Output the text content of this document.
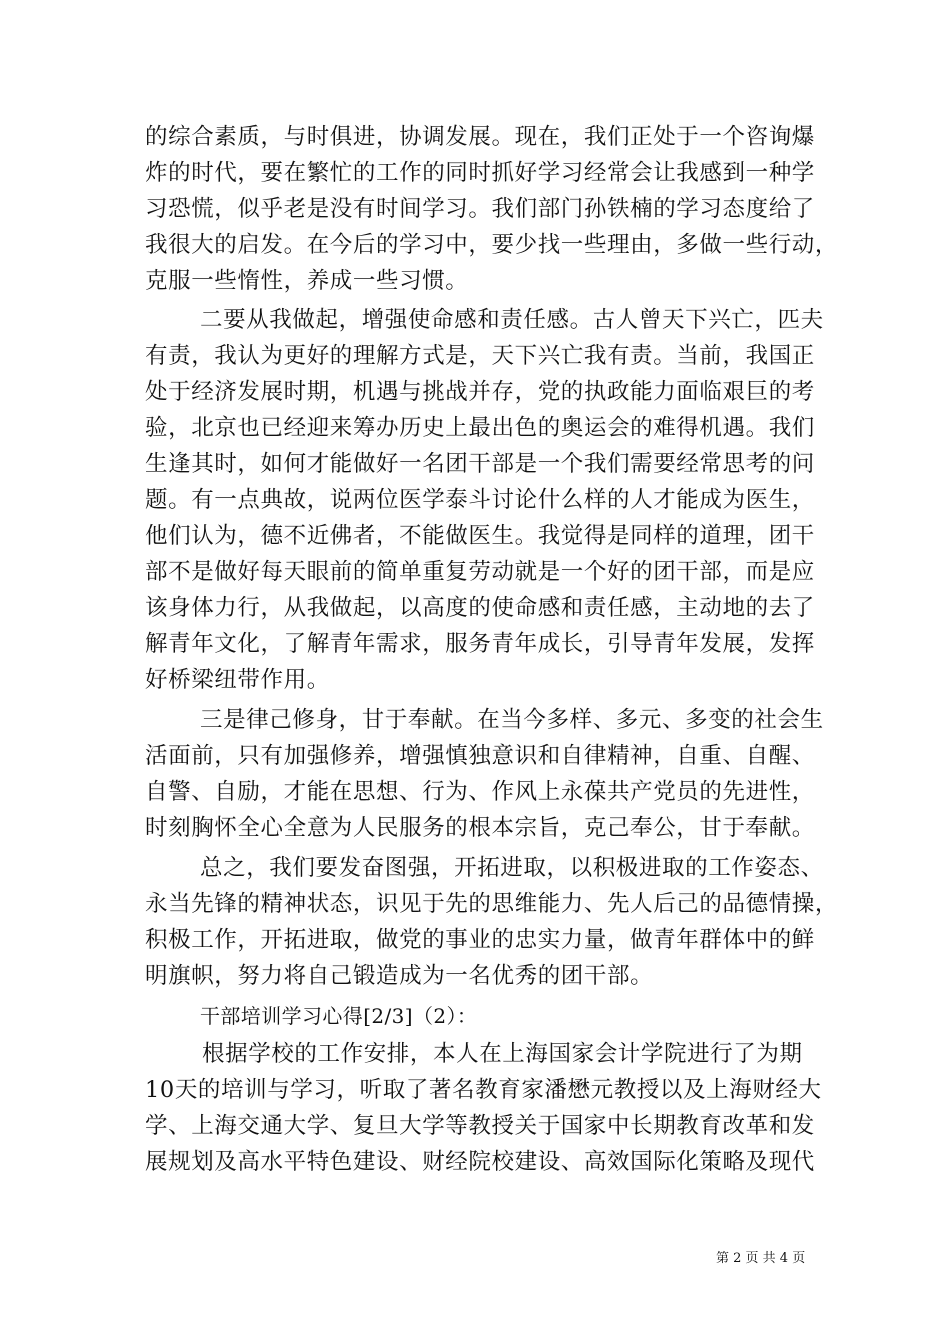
的综合素质，与时俱进，协调发展。现在，我们正处于一个咨询爆
炸的时代，要在繁忙的工作的同时抓好学习经常会让我感到一种学
习恐慌，似乎老是没有时间学习。我们部门孙铁楠的学习态度给了
我很大的启发。在今后的学习中，要少找一些理由，多做一些行动，
克服一些惰性，养成一些习惯。
二要从我做起，增强使命感和责任感。古人曾天下兴亡，匹夫
有责，我认为更好的理解方式是，天下兴亡我有责。当前，我国正
处于经济发展时期，机遇与挑战并存，党的执政能力面临艰巨的考
验，北京也已经迎来筹办历史上最出色的奥运会的难得机遇。我们
生逢其时，如何才能做好一名团干部是一个我们需要经常思考的问
题。有一点典故，说两位医学泰斗讨论什么样的人才能成为医生，
他们认为，德不近佛者，不能做医生。我觉得是同样的道理，团干
部不是做好每天眼前的简单重复劳动就是一个好的团干部，而是应
该身体力行，从我做起，以高度的使命感和责任感，主动地的去了
解青年文化，了解青年需求，服务青年成长，引导青年发展，发挥
好桥梁纽带作用。
三是律己修身，甘于奉献。在当今多样、多元、多变的社会生
活面前，只有加强修养，增强慎独意识和自律精神，自重、自醒、
自警、自励，才能在思想、行为、作风上永葆共产党员的先进性，
时刻胸怀全心全意为人民服务的根本宗旨，克己奉公，甘于奉献。
总之，我们要发奋图强，开拓进取，以积极进取的工作姿态、
永当先锋的精神状态，识见于先的思维能力、先人后己的品德情操，
积极工作，开拓进取，做党的事业的忠实力量，做青年群体中的鲜
明旗帜，努力将自己锻造成为一名优秀的团干部。
干部培训学习心得[2/3]（2）：
根据学校的工作安排，本人在上海国家会计学院进行了为期
10天的培训与学习，听取了著名教育家潘懋元教授以及上海财经大
学、上海交通大学、复旦大学等教授关于国家中长期教育改革和发
展规划及高水平特色建设、财经院校建设、高效国际化策略及现代
第 2 页 共 4 页
